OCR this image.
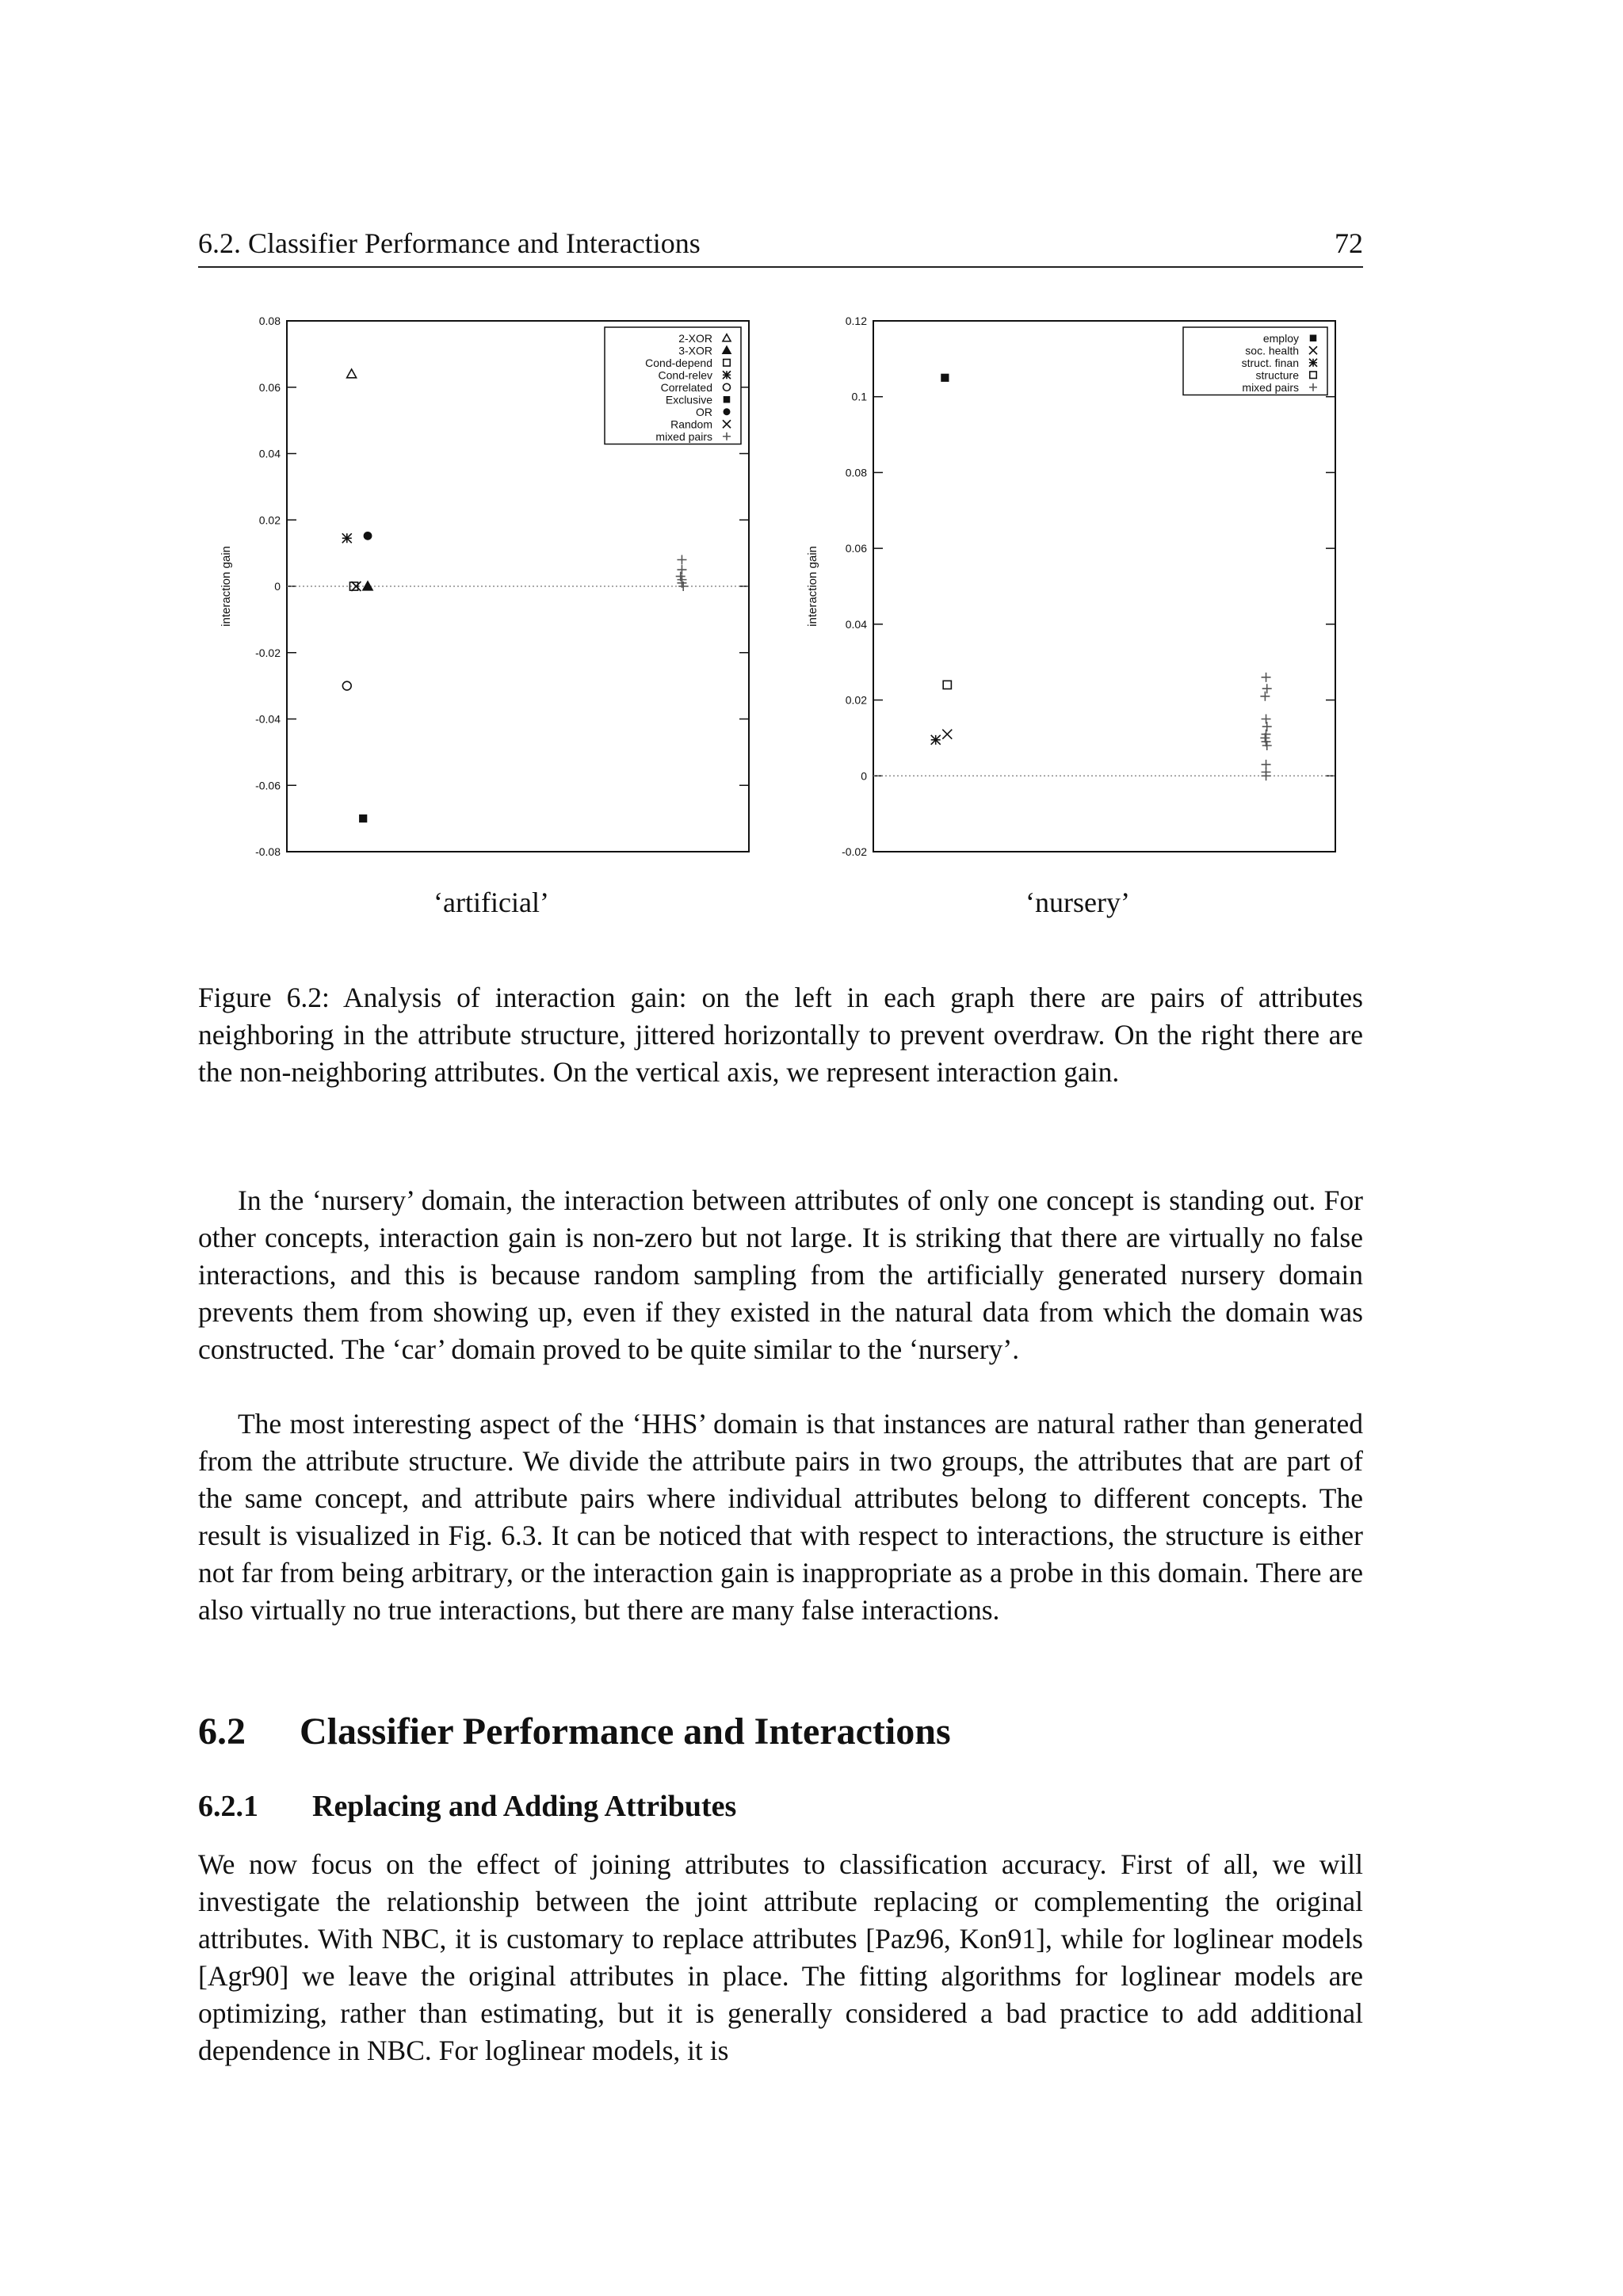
6.2. Classifier Performance and Interactions	72
0.08
0.06
0.04
0.02
0
-0.02
-0.04
-0.06
-0.08
interaction gain
2-XOR
3-XOR
Cond-depend
Cond-relev
Correlated
Exclusive
OR
Random
mixed pairs
0.12
0.1
0.08
0.06
0.04
0.02
0
-0.02
interaction gain
employ
soc. health
struct. finan
structure
mixed pairs
‘artificial’	‘nursery’
Figure 6.2: Analysis of interaction gain: on the left in each graph there are pairs of attributes neighboring in the attribute structure, jittered horizontally to prevent overdraw. On the right there are the non-neighboring attributes. On the vertical axis, we represent interaction gain.

In the ‘nursery’ domain, the interaction between attributes of only one concept is standing out. For other concepts, interaction gain is non-zero but not large. It is striking that there are virtually no false interactions, and this is because random sampling from the artificially generated nursery domain prevents them from showing up, even if they existed in the natural data from which the domain was constructed. The ‘car’ domain proved to be quite similar to the ‘nursery’.

The most interesting aspect of the ‘HHS’ domain is that instances are natural rather than generated from the attribute structure. We divide the attribute pairs in two groups, the attributes that are part of the same concept, and attribute pairs where individual attributes belong to different concepts. The result is visualized in Fig. 6.3. It can be noticed that with respect to interactions, the structure is either not far from being arbitrary, or the interaction gain is inappropriate as a probe in this domain. There are also virtually no true interactions, but there are many false interactions.

6.2 Classifier Performance and Interactions
6.2.1 Replacing and Adding Attributes

We now focus on the effect of joining attributes to classification accuracy. First of all, we will investigate the relationship between the joint attribute replacing or complementing the original attributes. With NBC, it is customary to replace attributes [Paz96, Kon91], while for loglinear models [Agr90] we leave the original attributes in place. The fitting algorithms for loglinear models are optimizing, rather than estimating, but it is generally considered a bad practice to add additional dependence in NBC. For loglinear models, it is
